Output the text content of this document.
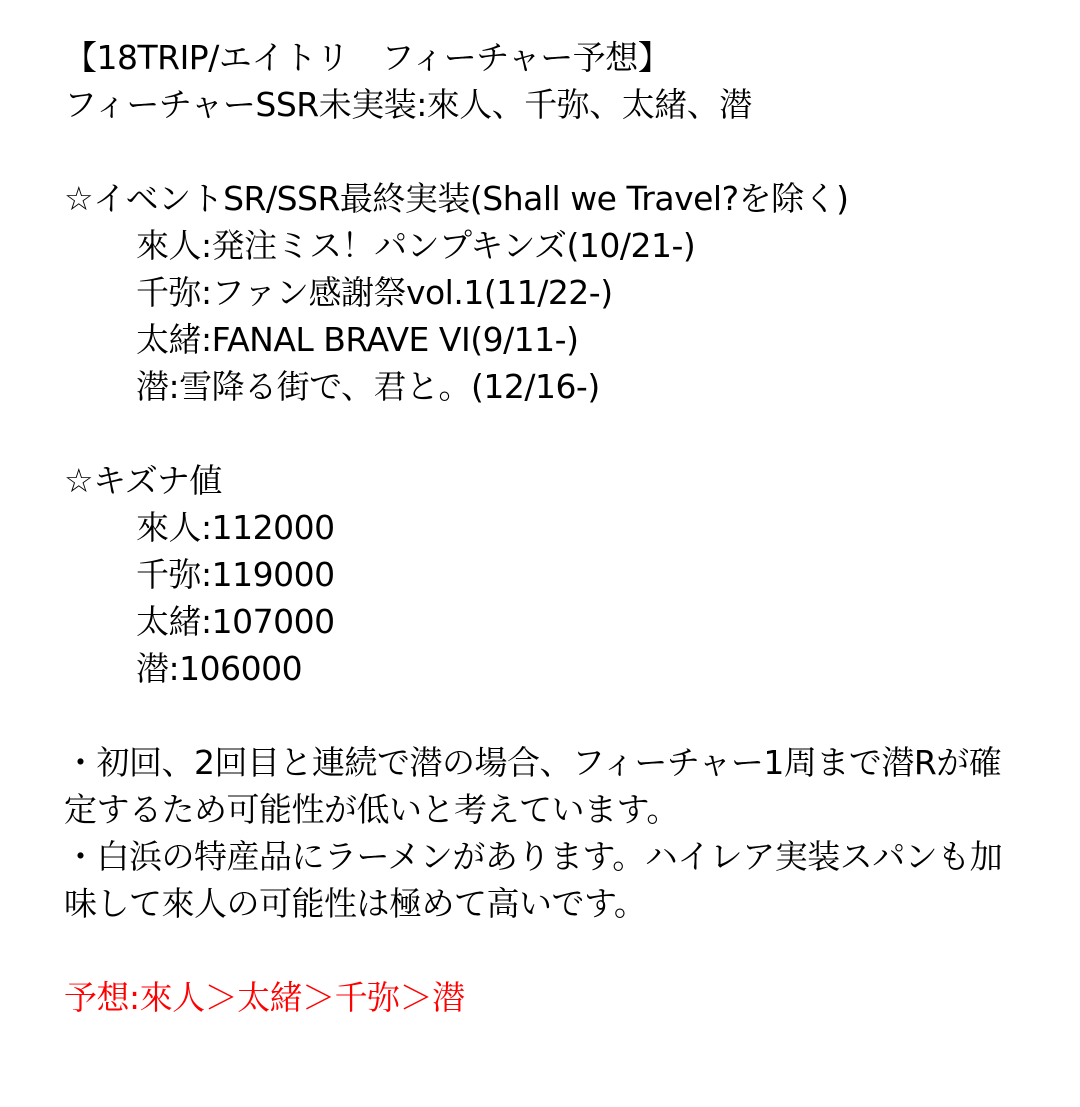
【18TRIP/エイトリ　フィーチャー予想】
フィーチャーSSR未実装:來人、千弥、太緒、潜
☆イベントSR/SSR最終実装(Shall we Travel?を除く)
來人:発注ミス！パンプキンズ(10/21-)
千弥:ファン感謝祭vol.1(11/22-)
太緒:FANAL BRAVE VI(9/11-)
潜:雪降る街で、君と。(12/16-)
☆キズナ値
來人:112000
千弥:119000
太緒:107000
潜:106000
・初回、2回目と連続で潜の場合、フィーチャー1周まで潜Rが確定するため可能性が低いと考えています。
・白浜の特産品にラーメンがあります。ハイレア実装スパンも加味して來人の可能性は極めて高いです。
予想:來人＞太緒＞千弥＞潜
